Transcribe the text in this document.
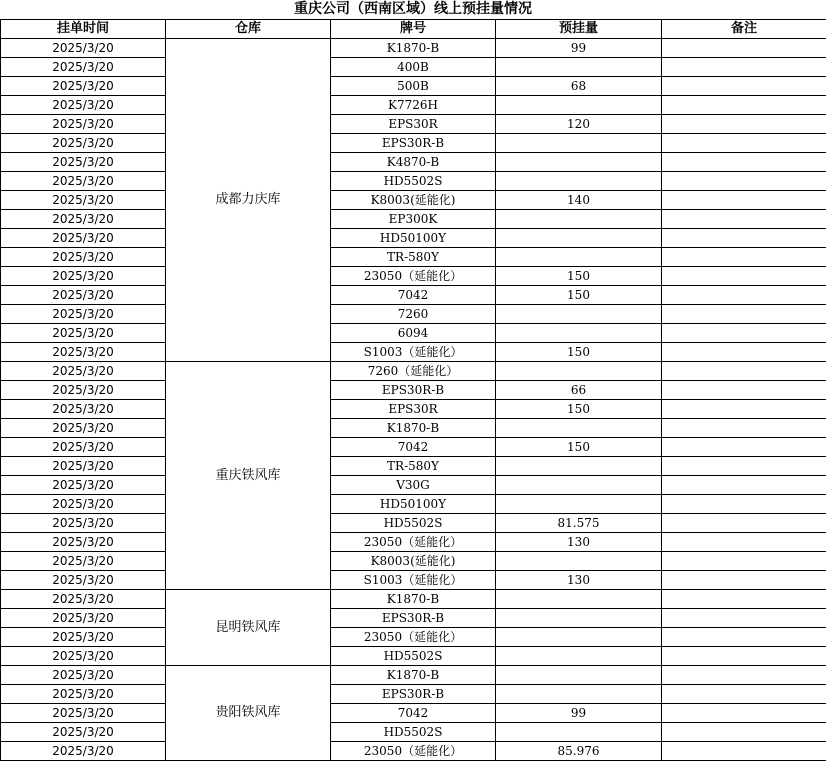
重庆公司（西南区域）线上预挂量情况
挂单时间	仓库	牌号	预挂量	备注
2025/3/20	成都力庆库	K1870-B	99	
2025/3/20		400B		
2025/3/20		500B	68	
2025/3/20		K7726H		
2025/3/20		EPS30R	120	
2025/3/20		EPS30R-B		
2025/3/20		K4870-B		
2025/3/20		HD5502S		
2025/3/20		K8003(延能化)	140	
2025/3/20		EP300K		
2025/3/20		HD50100Y		
2025/3/20		TR-580Y		
2025/3/20		23050（延能化）	150	
2025/3/20		7042	150	
2025/3/20		7260		
2025/3/20		6094		
2025/3/20		S1003（延能化）	150	
2025/3/20	重庆铁风库	7260（延能化）		
2025/3/20		EPS30R-B	66	
2025/3/20		EPS30R	150	
2025/3/20		K1870-B		
2025/3/20		7042	150	
2025/3/20		TR-580Y		
2025/3/20		V30G		
2025/3/20		HD50100Y		
2025/3/20		HD5502S	81.575	
2025/3/20		23050（延能化）	130	
2025/3/20		K8003(延能化)		
2025/3/20		S1003（延能化）	130	
2025/3/20	昆明铁风库	K1870-B		
2025/3/20		EPS30R-B		
2025/3/20		23050（延能化）		
2025/3/20		HD5502S		
2025/3/20	贵阳铁风库	K1870-B		
2025/3/20		EPS30R-B		
2025/3/20		7042	99	
2025/3/20		HD5502S		
2025/3/20		23050（延能化）	85.976	
